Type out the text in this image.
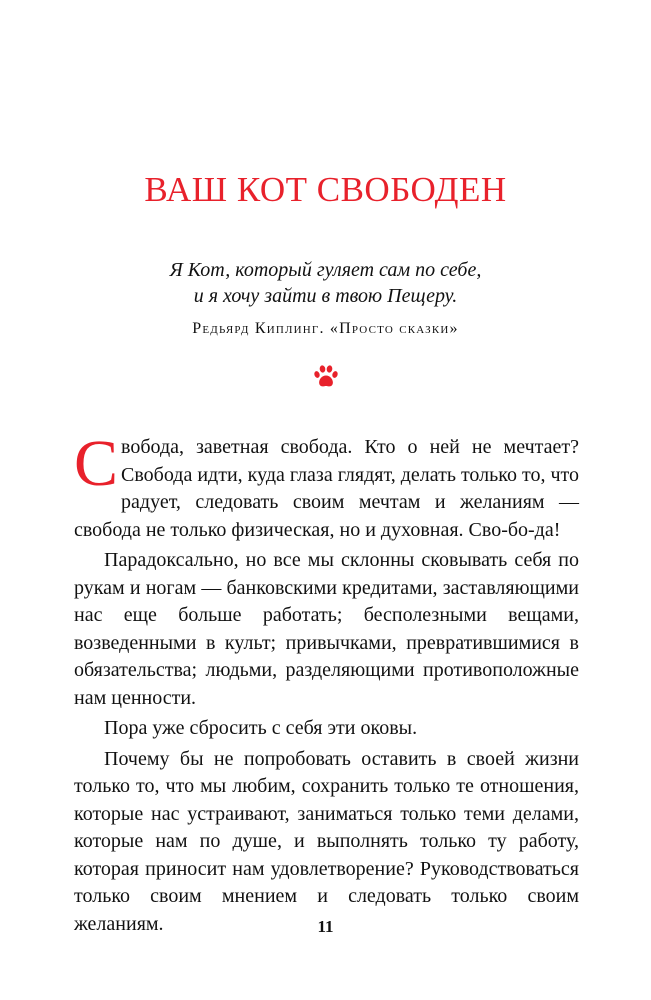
ВАШ КОТ СВОБОДЕН
Я Кот, который гуляет сам по себе,
и я хочу зайти в твою Пещеру.
Редьярд Киплинг. «Просто сказки»

Свобода, заветная свобода. Кто о ней не мечтает? Свобода идти, куда глаза глядят, делать только то, что радует, следовать своим мечтам и желаниям — свобода не только физическая, но и духовная. Сво-бо-да!

Парадоксально, но все мы склонны сковывать себя по рукам и ногам — банковскими кредитами, заставляющими нас еще больше работать; бесполезными вещами, возведенными в культ; привычками, превратившимися в обязательства; людьми, разделяющими противоположные нам ценности.

Пора уже сбросить с себя эти оковы.

Почему бы не попробовать оставить в своей жизни только то, что мы любим, сохранить только те отношения, которые нас устраивают, заниматься только теми делами, которые нам по душе, и выполнять только ту работу, которая приносит нам удовлетворение? Руководствоваться только своим мнением и следовать только своим желаниям.	11
